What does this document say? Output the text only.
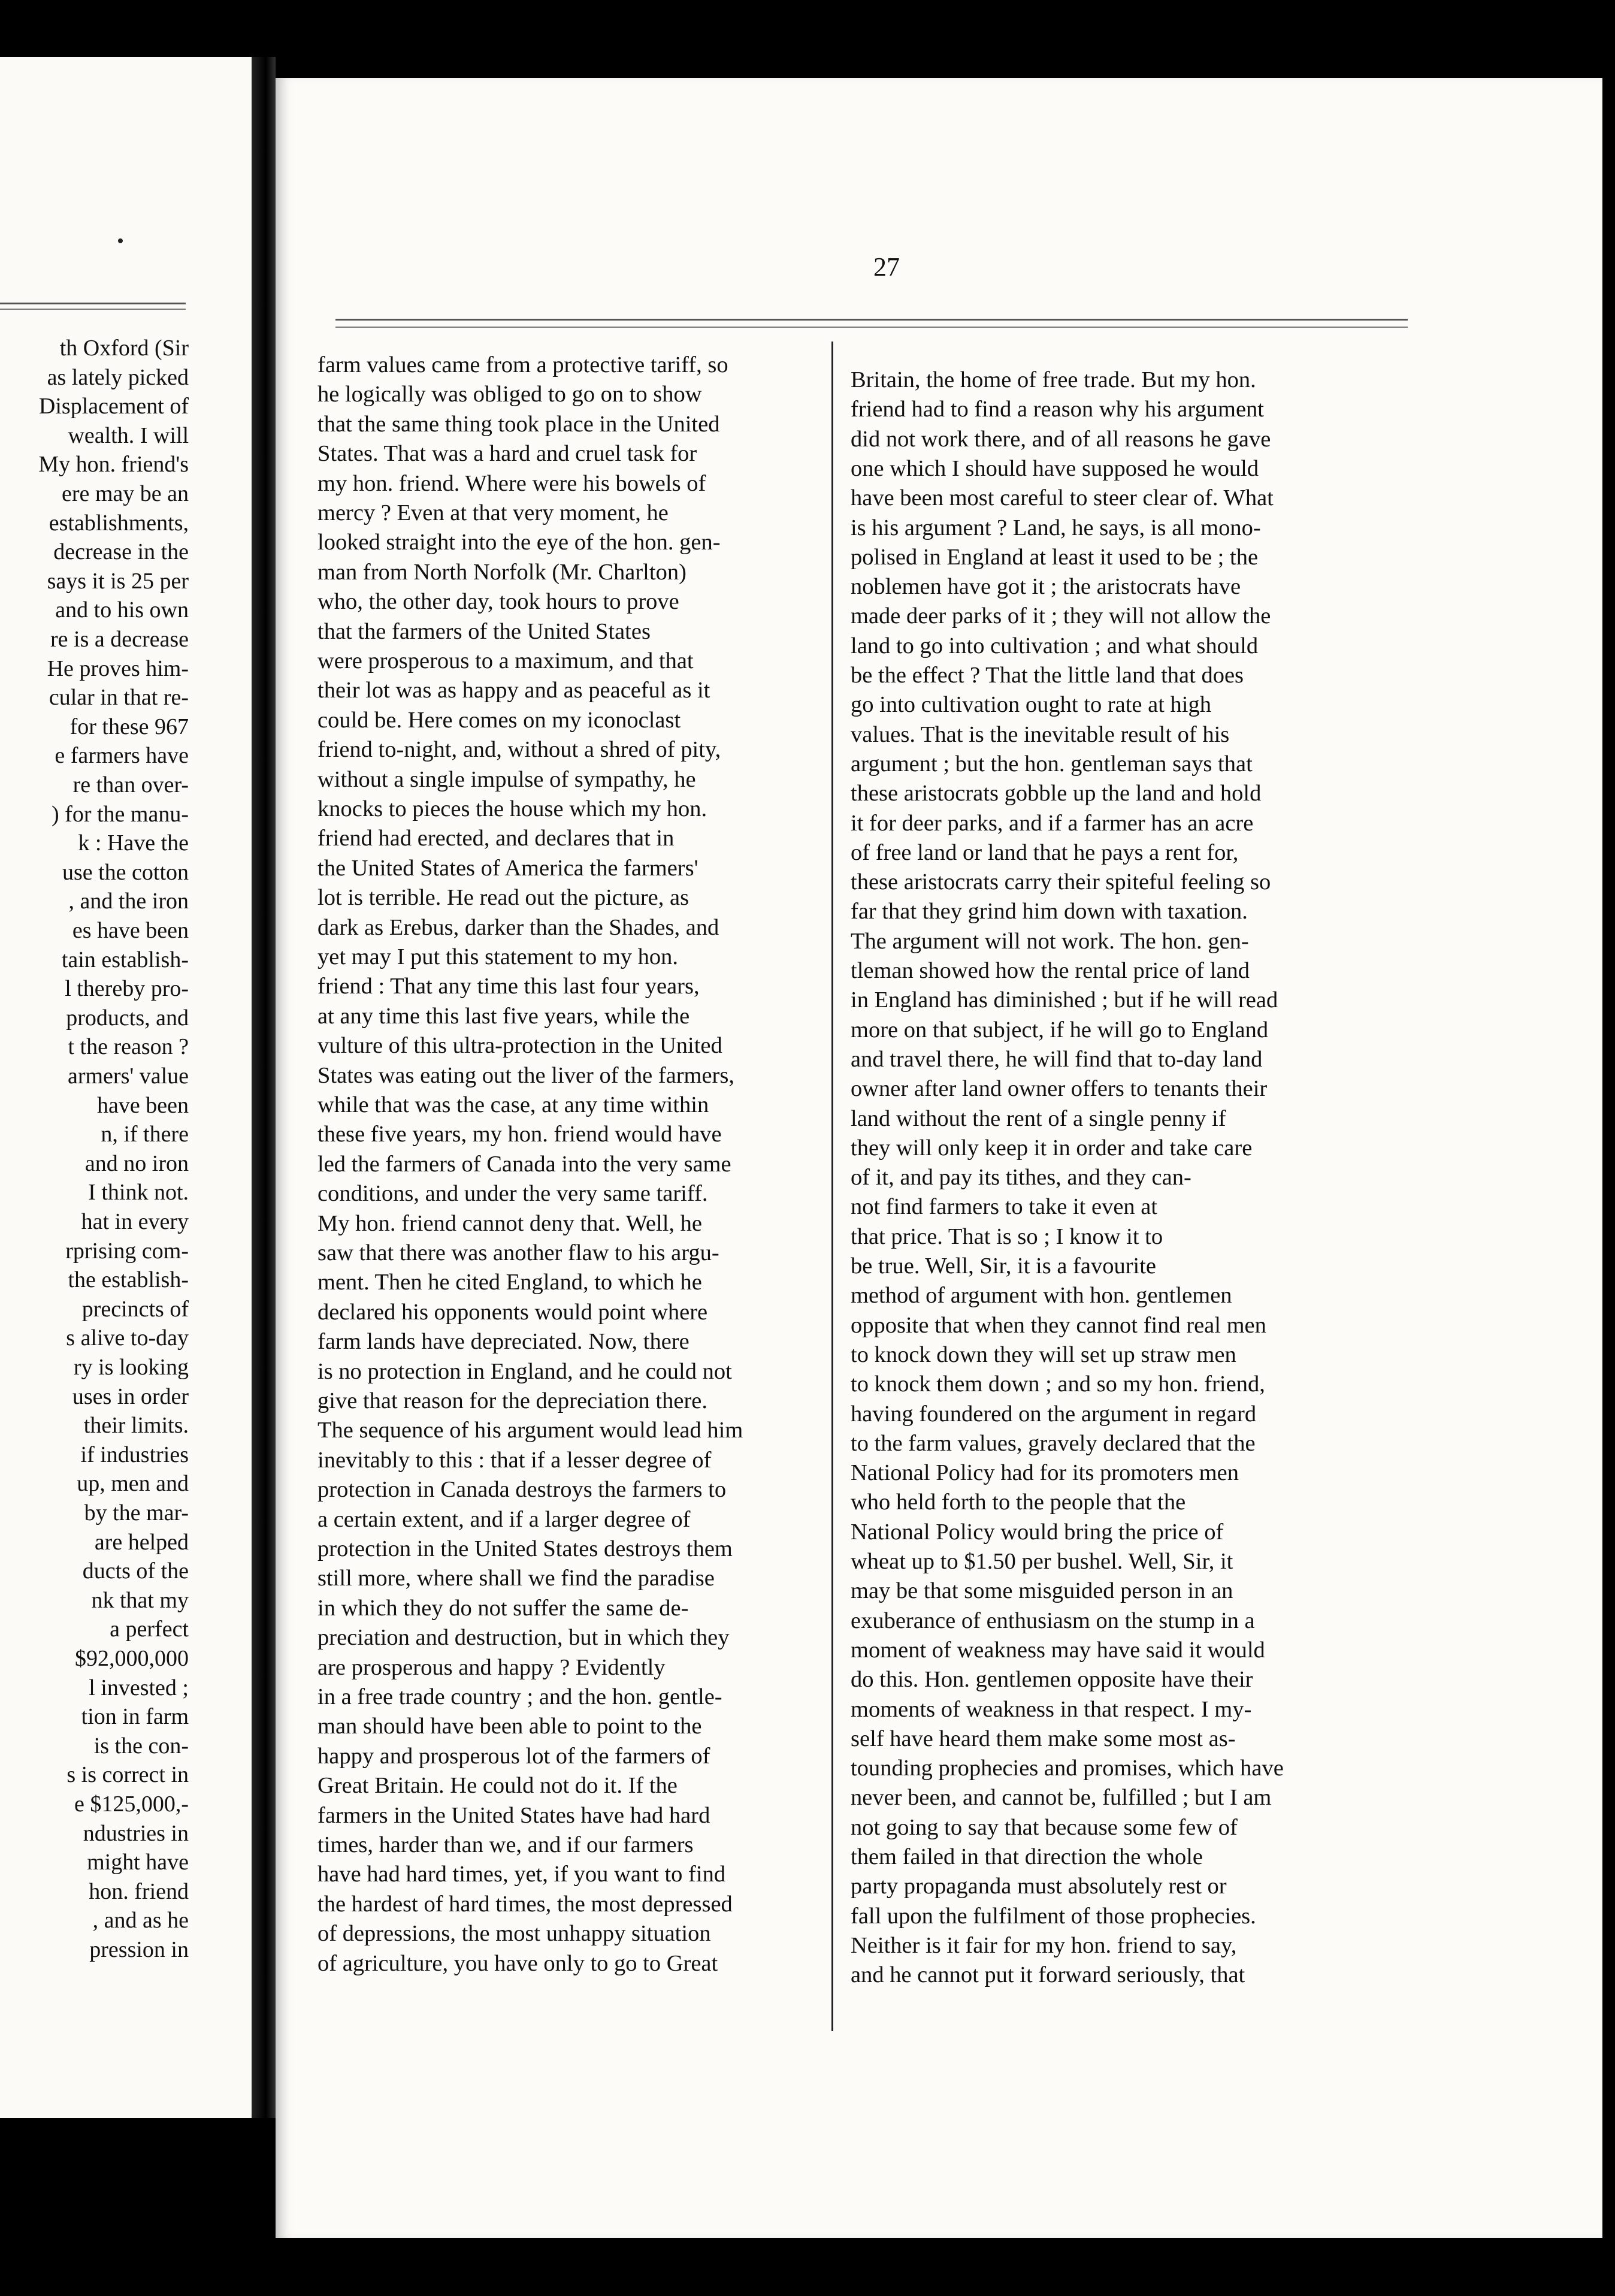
th Oxford (Sir
as lately picked
Displacement of
wealth. I will
My hon. friend's
ere may be an
establishments,
decrease in the
says it is 25 per
and to his own
re is a decrease
He proves him-
cular in that re-
for these 967
e farmers have
re than over-
) for the manu-
k : Have the
use the cotton
, and the iron
es have been
tain establish-
l thereby pro-
products, and
t the reason ?
armers' value
have been
n, if there
and no iron
I think not.
hat in every
rprising com-
the establish-
precincts of
s alive to-day
ry is looking
uses in order
their limits.
if industries
up, men and
by the mar-
are helped
ducts of the
nk that my
a perfect
$92,000,000
l invested ;
tion in farm
is the con-
s is correct in
e $125,000,-
ndustries in
might have
hon. friend
, and as he
pression in
27
farm values came from a protective tariff, so
he logically was obliged to go on to show
that the same thing took place in the United
States. That was a hard and cruel task for
my hon. friend. Where were his bowels of
mercy ? Even at that very moment, he
looked straight into the eye of the hon. gen-
man from North Norfolk (Mr. Charlton)
who, the other day, took hours to prove
that the farmers of the United States
were prosperous to a maximum, and that
their lot was as happy and as peaceful as it
could be. Here comes on my iconoclast
friend to-night, and, without a shred of pity,
without a single impulse of sympathy, he
knocks to pieces the house which my hon.
friend had erected, and declares that in
the United States of America the farmers'
lot is terrible. He read out the picture, as
dark as Erebus, darker than the Shades, and
yet may I put this statement to my hon.
friend : That any time this last four years,
at any time this last five years, while the
vulture of this ultra-protection in the United
States was eating out the liver of the farmers,
while that was the case, at any time within
these five years, my hon. friend would have
led the farmers of Canada into the very same
conditions, and under the very same tariff.
My hon. friend cannot deny that. Well, he
saw that there was another flaw to his argu-
ment. Then he cited England, to which he
declared his opponents would point where
farm lands have depreciated. Now, there
is no protection in England, and he could not
give that reason for the depreciation there.
The sequence of his argument would lead him
inevitably to this : that if a lesser degree of
protection in Canada destroys the farmers to
a certain extent, and if a larger degree of
protection in the United States destroys them
still more, where shall we find the paradise
in which they do not suffer the same de-
preciation and destruction, but in which they
are prosperous and happy ? Evidently
in a free trade country ; and the hon. gentle-
man should have been able to point to the
happy and prosperous lot of the farmers of
Great Britain. He could not do it. If the
farmers in the United States have had hard
times, harder than we, and if our farmers
have had hard times, yet, if you want to find
the hardest of hard times, the most depressed
of depressions, the most unhappy situation
of agriculture, you have only to go to Great
Britain, the home of free trade. But my hon.
friend had to find a reason why his argument
did not work there, and of all reasons he gave
one which I should have supposed he would
have been most careful to steer clear of. What
is his argument ? Land, he says, is all mono-
polised in England at least it used to be ; the
noblemen have got it ; the aristocrats have
made deer parks of it ; they will not allow the
land to go into cultivation ; and what should
be the effect ? That the little land that does
go into cultivation ought to rate at high
values. That is the inevitable result of his
argument ; but the hon. gentleman says that
these aristocrats gobble up the land and hold
it for deer parks, and if a farmer has an acre
of free land or land that he pays a rent for,
these aristocrats carry their spiteful feeling so
far that they grind him down with taxation.
The argument will not work. The hon. gen-
tleman showed how the rental price of land
in England has diminished ; but if he will read
more on that subject, if he will go to England
and travel there, he will find that to-day land
owner after land owner offers to tenants their
land without the rent of a single penny if
they will only keep it in order and take care
of it, and pay its tithes, and they can-
not find farmers to take it even at
that price. That is so ; I know it to
be true. Well, Sir, it is a favourite
method of argument with hon. gentlemen
opposite that when they cannot find real men
to knock down they will set up straw men
to knock them down ; and so my hon. friend,
having foundered on the argument in regard
to the farm values, gravely declared that the
National Policy had for its promoters men
who held forth to the people that the
National Policy would bring the price of
wheat up to $1.50 per bushel. Well, Sir, it
may be that some misguided person in an
exuberance of enthusiasm on the stump in a
moment of weakness may have said it would
do this. Hon. gentlemen opposite have their
moments of weakness in that respect. I my-
self have heard them make some most as-
tounding prophecies and promises, which have
never been, and cannot be, fulfilled ; but I am
not going to say that because some few of
them failed in that direction the whole
party propaganda must absolutely rest or
fall upon the fulfilment of those prophecies.
Neither is it fair for my hon. friend to say,
and he cannot put it forward seriously, that
